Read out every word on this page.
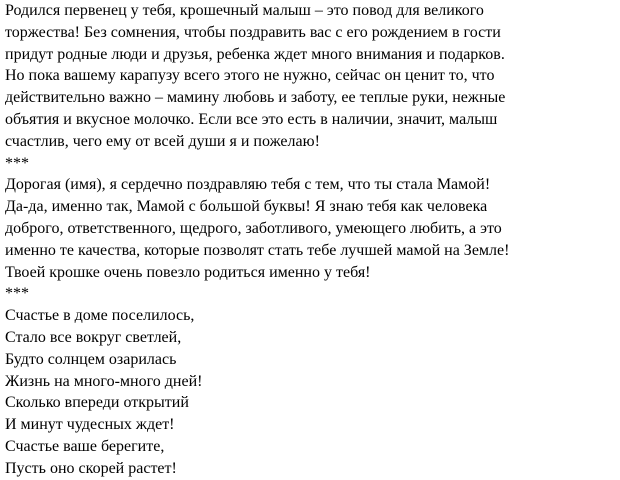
Родился первенец у тебя, крошечный малыш – это повод для великого
торжества! Без сомнения, чтобы поздравить вас с его рождением в гости
придут родные люди и друзья, ребенка ждет много внимания и подарков.
Но пока вашему карапузу всего этого не нужно, сейчас он ценит то, что
действительно важно – мамину любовь и заботу, ее теплые руки, нежные
объятия и вкусное молочко. Если все это есть в наличии, значит, малыш
счастлив, чего ему от всей души я и пожелаю!
***
Дорогая (имя), я сердечно поздравляю тебя с тем, что ты стала Мамой!
Да-да, именно так, Мамой с большой буквы! Я знаю тебя как человека
доброго, ответственного, щедрого, заботливого, умеющего любить, а это
именно те качества, которые позволят стать тебе лучшей мамой на Земле!
Твоей крошке очень повезло родиться именно у тебя!
***
Счастье в доме поселилось,
Стало все вокруг светлей,
Будто солнцем озарилась
Жизнь на много-много дней!
Сколько впереди открытий
И минут чудесных ждет!
Счастье ваше берегите,
Пусть оно скорей растет!
